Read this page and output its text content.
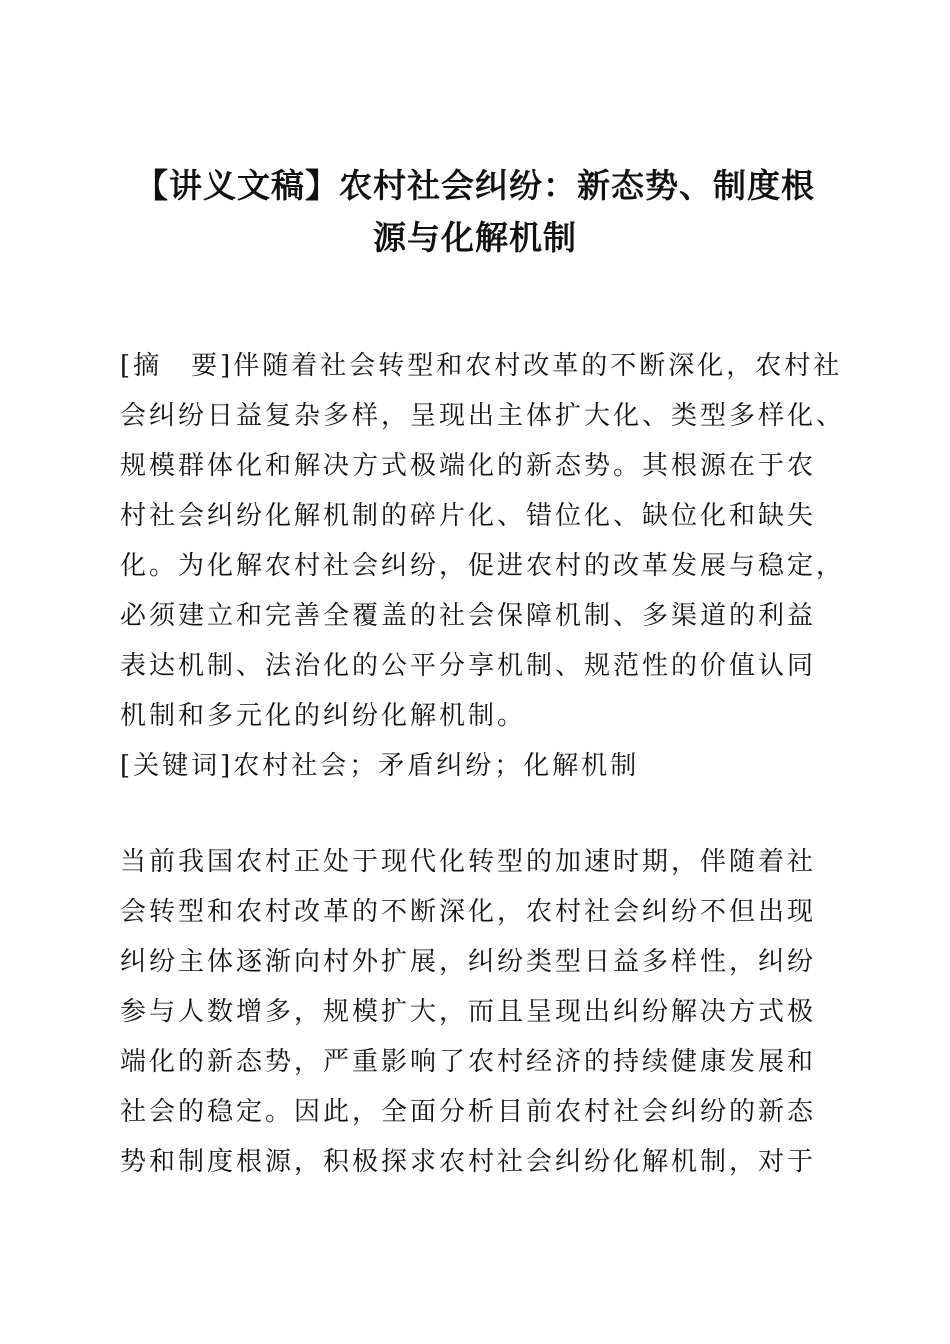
【讲义文稿】农村社会纠纷：新态势、制度根
源与化解机制
[摘　要]伴随着社会转型和农村改革的不断深化，农村社
会纠纷日益复杂多样，呈现出主体扩大化、类型多样化、
规模群体化和解决方式极端化的新态势。其根源在于农
村社会纠纷化解机制的碎片化、错位化、缺位化和缺失
化。为化解农村社会纠纷，促进农村的改革发展与稳定，
必须建立和完善全覆盖的社会保障机制、多渠道的利益
表达机制、法治化的公平分享机制、规范性的价值认同
机制和多元化的纠纷化解机制。
[关键词]农村社会；矛盾纠纷；化解机制
当前我国农村正处于现代化转型的加速时期，伴随着社
会转型和农村改革的不断深化，农村社会纠纷不但出现
纠纷主体逐渐向村外扩展，纠纷类型日益多样性，纠纷
参与人数增多，规模扩大，而且呈现出纠纷解决方式极
端化的新态势，严重影响了农村经济的持续健康发展和
社会的稳定。因此，全面分析目前农村社会纠纷的新态
势和制度根源，积极探求农村社会纠纷化解机制，对于
